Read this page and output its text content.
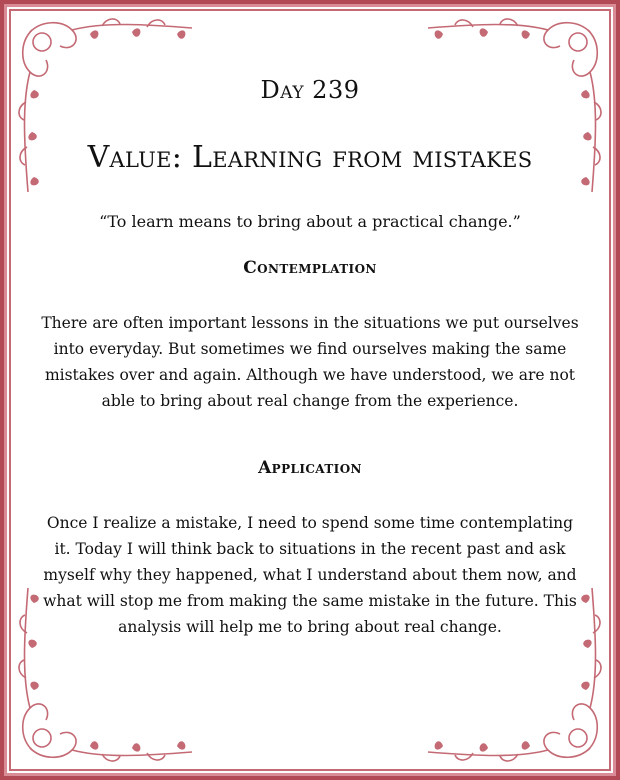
Day 239
Value: Learning from mistakes
“To learn means to bring about a practical change.”
Contemplation
There are often important lessons in the situations we put ourselves into everyday. But sometimes we find ourselves making the same mistakes over and again. Although we have understood, we are not able to bring about real change from the experience.
Application
Once I realize a mistake, I need to spend some time contemplating it. Today I will think back to situations in the recent past and ask myself why they happened, what I understand about them now, and what will stop me from making the same mistake in the future. This analysis will help me to bring about real change.
